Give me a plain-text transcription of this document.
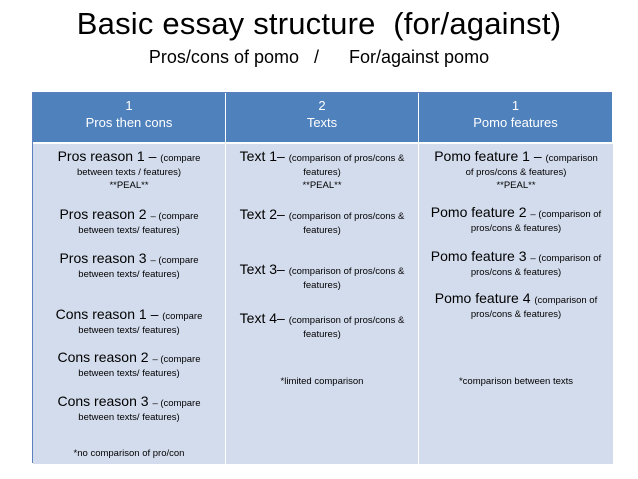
Basic essay structure  (for/against)
Pros/cons of pomo   /      For/against pomo
1
Pros then cons
2
Texts
1
Pomo features
Pros reason 1 – (compare
between texts / features)
**PEAL**
Pros reason 2 – (compare
between texts/ features)
Pros reason 3 – (compare
between texts/ features)
Cons reason 1 – (compare
between texts/ features)
Cons reason 2 – (compare
between texts/ features)
Cons reason 3 – (compare
between texts/ features)
*no comparison of pro/con
Text 1– (comparison of pros/cons &
features)
**PEAL**
Text 2– (comparison of pros/cons &
features)
Text 3– (comparison of pros/cons &
features)
Text 4– (comparison of pros/cons &
features)
*limited comparison
Pomo feature 1 – (comparison
of pros/cons & features)
**PEAL**
Pomo feature 2 – (comparison of
pros/cons & features)
Pomo feature 3 – (comparison of
pros/cons & features)
Pomo feature 4 (comparison of
pros/cons & features)
*comparison between texts
